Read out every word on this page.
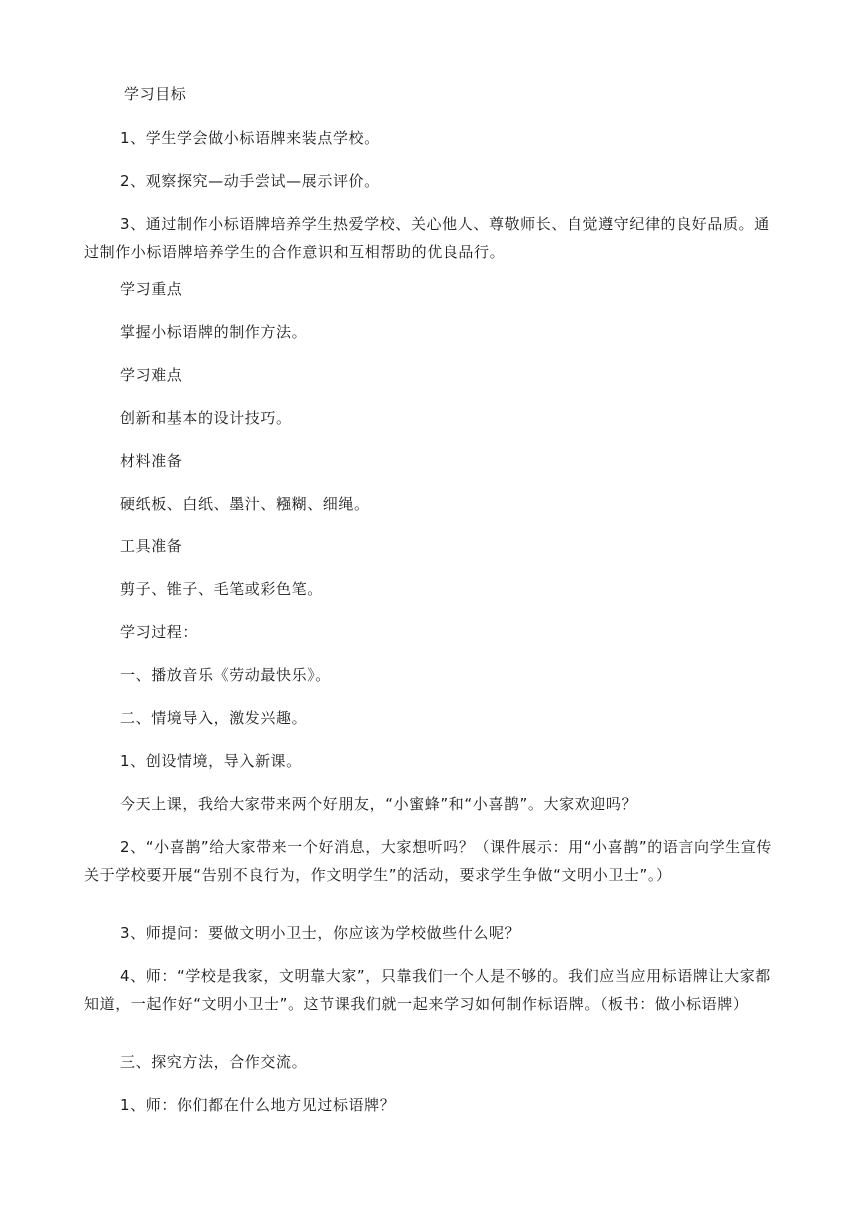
学习目标
1、学生学会做小标语牌来装点学校。
2、观察探究—动手尝试—展示评价。
3、通过制作小标语牌培养学生热爱学校、关心他人、尊敬师长、自觉遵守纪律的良好品质。通过制作小标语牌培养学生的合作意识和互相帮助的优良品行。
学习重点
掌握小标语牌的制作方法。
学习难点
创新和基本的设计技巧。
材料准备
硬纸板、白纸、墨汁、糨糊、细绳。
工具准备
剪子、锥子、毛笔或彩色笔。
学习过程：
一、播放音乐《劳动最快乐》。
二、情境导入，激发兴趣。
1、创设情境，导入新课。
今天上课，我给大家带来两个好朋友，“小蜜蜂”和“小喜鹊”。大家欢迎吗？
2、“小喜鹊”给大家带来一个好消息，大家想听吗？（课件展示：用“小喜鹊”的语言向学生宣传关于学校要开展“告别不良行为，作文明学生”的活动，要求学生争做“文明小卫士”。）
3、师提问：要做文明小卫士，你应该为学校做些什么呢？
4、师：“学校是我家，文明靠大家”，只靠我们一个人是不够的。我们应当应用标语牌让大家都知道，一起作好“文明小卫士”。这节课我们就一起来学习如何制作标语牌。（板书：做小标语牌）
三、探究方法，合作交流。
1、师：你们都在什么地方见过标语牌？
